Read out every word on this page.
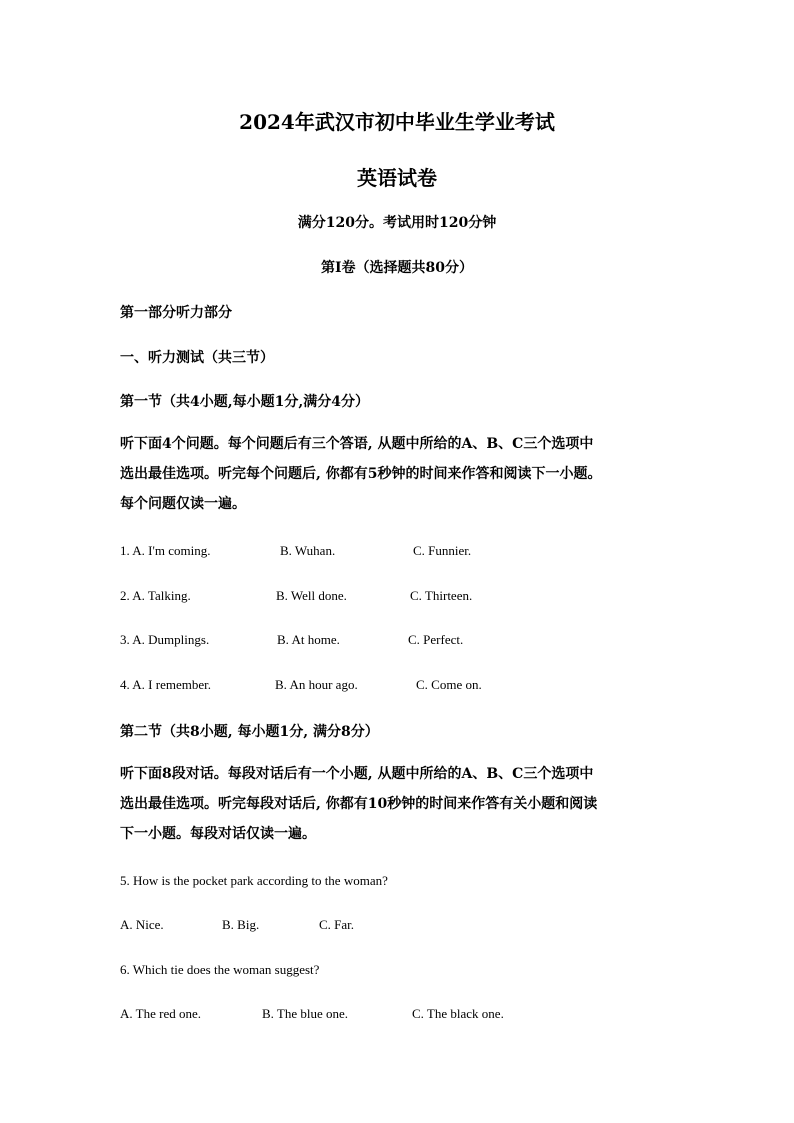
2024年武汉市初中毕业生学业考试
英语试卷
满分120分。考试用时120分钟
第Ⅰ卷（选择题共80分）
第一部分听力部分
一、听力测试（共三节）
第一节（共4小题,每小题1分,满分4分）
听下面4个问题。每个问题后有三个答语, 从题中所给的A、B、C三个选项中
选出最佳选项。听完每个问题后, 你都有5秒钟的时间来作答和阅读下一小题。
每个问题仅读一遍。
1. A. I'm coming.	B. Wuhan.	C. Funnier.
2. A. Talking.	B. Well done.	C. Thirteen.
3. A. Dumplings.	B. At home.	C. Perfect.
4. A. I remember.	B. An hour ago.	C. Come on.
第二节（共8小题, 每小题1分, 满分8分）
听下面8段对话。每段对话后有一个小题, 从题中所给的A、B、C三个选项中
选出最佳选项。听完每段对话后, 你都有10秒钟的时间来作答有关小题和阅读
下一小题。每段对话仅读一遍。
5. How is the pocket park according to the woman?
A. Nice.	B. Big.	C. Far.
6. Which tie does the woman suggest?
A. The red one.	B. The blue one.	C. The black one.
